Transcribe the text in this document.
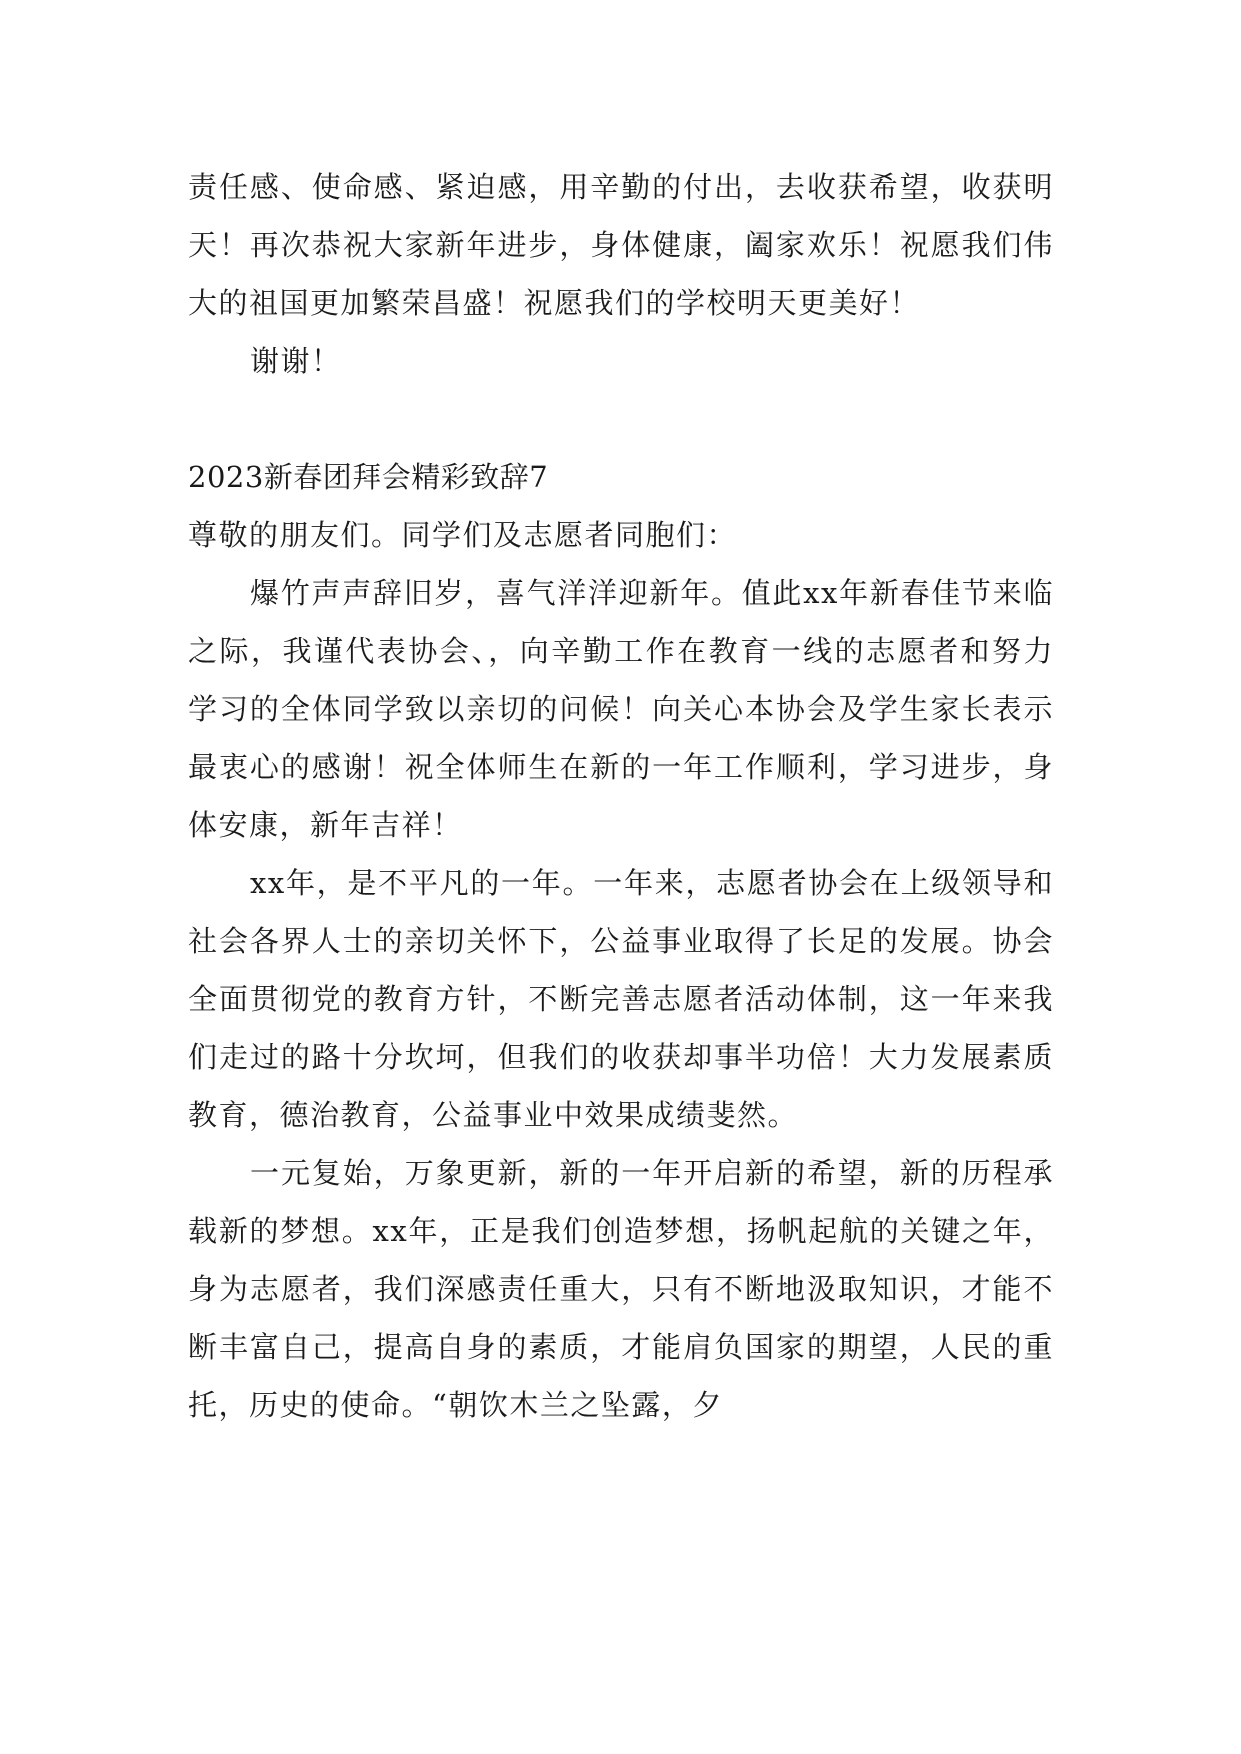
责任感、使命感、紧迫感，用辛勤的付出，去收获希望，收获明天！再次恭祝大家新年进步，身体健康，阖家欢乐！祝愿我们伟大的祖国更加繁荣昌盛！祝愿我们的学校明天更美好！

谢谢！

2023新春团拜会精彩致辞7

尊敬的朋友们。同学们及志愿者同胞们：

爆竹声声辞旧岁，喜气洋洋迎新年。值此xx年新春佳节来临之际，我谨代表协会、，向辛勤工作在教育一线的志愿者和努力学习的全体同学致以亲切的问候！向关心本协会及学生家长表示最衷心的感谢！祝全体师生在新的一年工作顺利，学习进步，身体安康，新年吉祥！

xx年，是不平凡的一年。一年来，志愿者协会在上级领导和社会各界人士的亲切关怀下，公益事业取得了长足的发展。协会全面贯彻党的教育方针，不断完善志愿者活动体制，这一年来我们走过的路十分坎坷，但我们的收获却事半功倍！大力发展素质教育，德治教育，公益事业中效果成绩斐然。

一元复始，万象更新，新的一年开启新的希望，新的历程承载新的梦想。xx年，正是我们创造梦想，扬帆起航的关键之年，身为志愿者，我们深感责任重大，只有不断地汲取知识，才能不断丰富自己，提高自身的素质，才能肩负国家的期望，人民的重托，历史的使命。“朝饮木兰之坠露，夕
